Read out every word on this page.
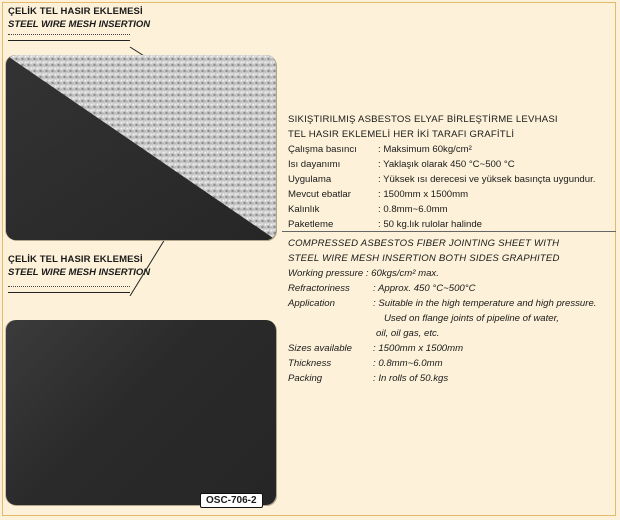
ÇELİK TEL HASIR EKLEMESİ
STEEL WIRE MESH INSERTION
ÇELİK TEL HASIR EKLEMESİ
STEEL WIRE MESH INSERTION
OSC-706-2
SIKIŞTIRILMIŞ ASBESTOS ELYAF BİRLEŞTİRME LEVHASI
TEL HASIR EKLEMELİ HER İKİ TARAFI GRAFİTLİ
Çalışma basıncı	: Maksimum 60kg/cm²
Isı dayanımı	: Yaklaşık olarak 450 °C~500 °C
Uygulama	: Yüksek ısı derecesi ve yüksek basınçta uygundur.
Mevcut ebatlar	: 1500mm x 1500mm
Kalınlık	: 0.8mm~6.0mm
Paketleme	: 50 kg.lık rulolar halinde
COMPRESSED ASBESTOS FIBER JOINTING SHEET WITH
STEEL WIRE MESH INSERTION BOTH SIDES GRAPHITED
Working pressure : 60kgs/cm² max.
Refractoriness	: Approx. 450 °C~500°C
Application	: Suitable in the high temperature and high pressure.
Used on flange joints of pipeline of water,
oil, oil gas, etc.
Sizes available	: 1500mm x 1500mm
Thickness	: 0.8mm~6.0mm
Packing	: In rolls of 50.kgs
